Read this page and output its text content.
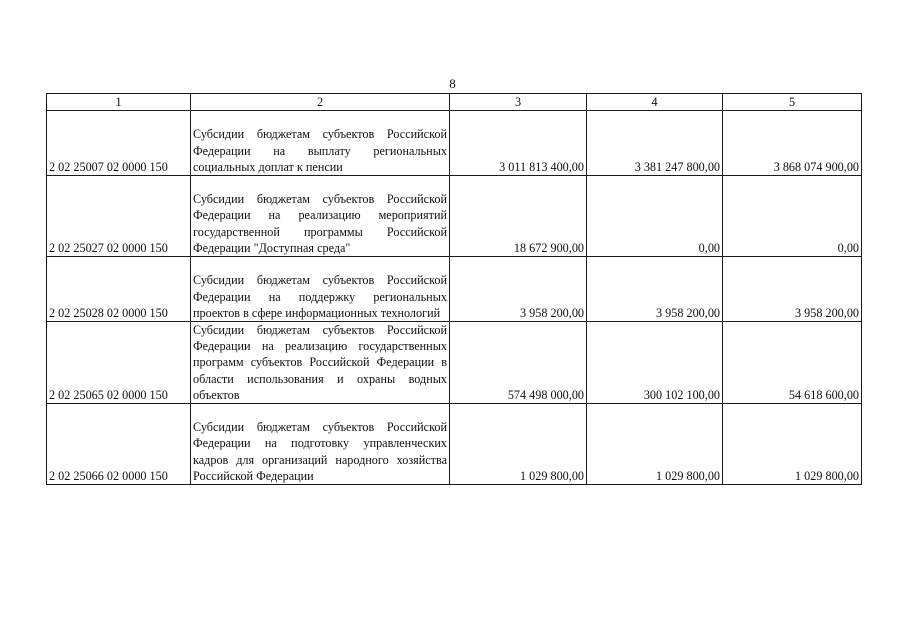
8
1	2	3	4	5
2 02 25007 02 0000 150	Субсидии бюджетам субъектов Российской Федерации на выплату региональных социальных доплат к пенсии	3 011 813 400,00	3 381 247 800,00	3 868 074 900,00
2 02 25027 02 0000 150	Субсидии бюджетам субъектов Российской Федерации на реализацию мероприятий государственной программы Российской Федерации "Доступная среда"	18 672 900,00	0,00	0,00
2 02 25028 02 0000 150	Субсидии бюджетам субъектов Российской Федерации на поддержку региональных проектов в сфере информационных технологий	3 958 200,00	3 958 200,00	3 958 200,00
2 02 25065 02 0000 150	Субсидии бюджетам субъектов Российской Федерации на реализацию государственных программ субъектов Российской Федерации в области использования и охраны водных объектов	574 498 000,00	300 102 100,00	54 618 600,00
2 02 25066 02 0000 150	Субсидии бюджетам субъектов Российской Федерации на подготовку управленческих кадров для организаций народного хозяйства Российской Федерации	1 029 800,00	1 029 800,00	1 029 800,00
